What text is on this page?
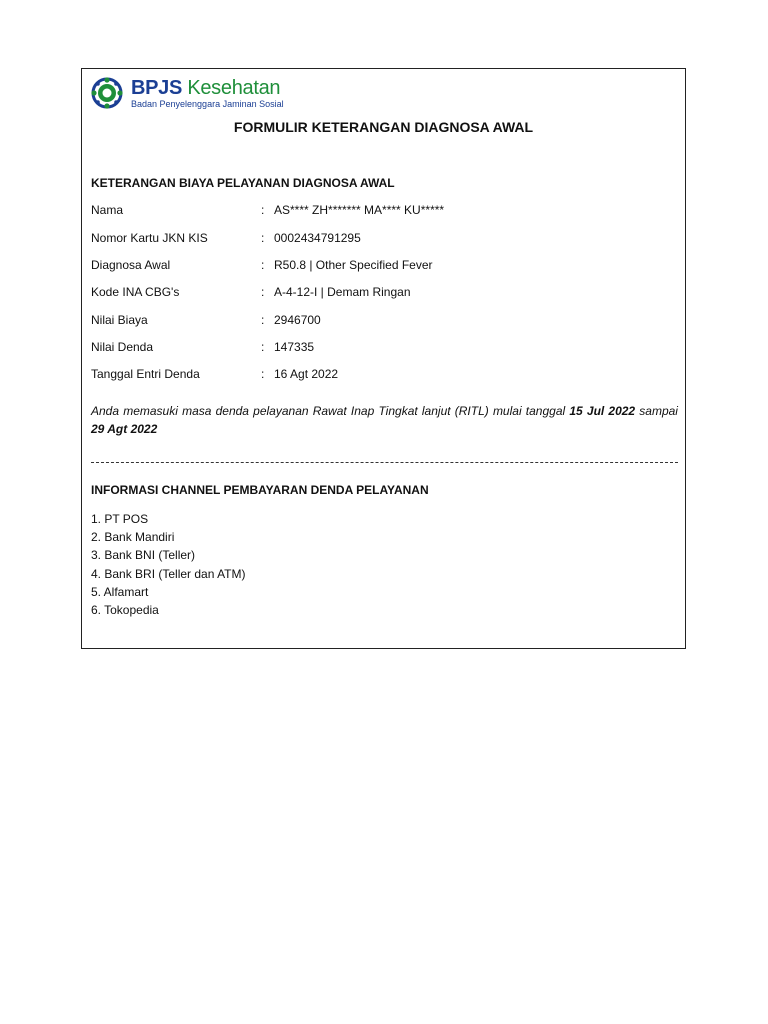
BPJS Kesehatan
Badan Penyelenggara Jaminan Sosial
FORMULIR KETERANGAN DIAGNOSA AWAL
KETERANGAN BIAYA PELAYANAN DIAGNOSA AWAL
Nama	: AS**** ZH******* MA**** KU*****
Nomor Kartu JKN KIS	: 0002434791295
Diagnosa Awal	: R50.8 | Other Specified Fever
Kode INA CBG's	: A-4-12-I | Demam Ringan
Nilai Biaya	: 2946700
Nilai Denda	: 147335
Tanggal Entri Denda	: 16 Agt 2022
Anda memasuki masa denda pelayanan Rawat Inap Tingkat lanjut (RITL) mulai tanggal 15 Jul 2022 sampai 29 Agt 2022
INFORMASI CHANNEL PEMBAYARAN DENDA PELAYANAN
1. PT POS
2. Bank Mandiri
3. Bank BNI (Teller)
4. Bank BRI (Teller dan ATM)
5. Alfamart
6. Tokopedia
